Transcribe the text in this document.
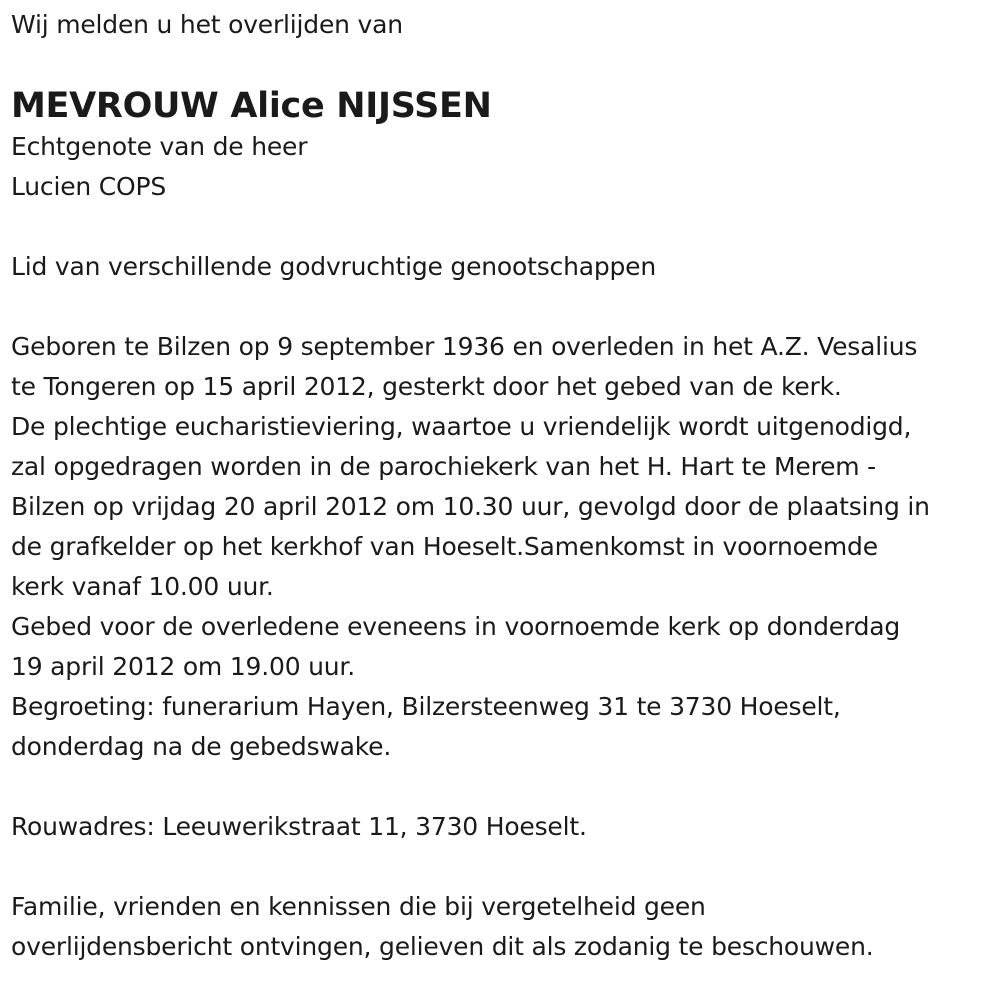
Wij melden u het overlijden van
MEVROUW Alice NIJSSEN
Echtgenote van de heer
Lucien COPS
Lid van verschillende godvruchtige genootschappen
Geboren te Bilzen op 9 september 1936 en overleden in het A.Z. Vesalius
te Tongeren op 15 april 2012, gesterkt door het gebed van de kerk.
De plechtige eucharistieviering, waartoe u vriendelijk wordt uitgenodigd,
zal opgedragen worden in de parochiekerk van het H. Hart te Merem -
Bilzen op vrijdag 20 april 2012 om 10.30 uur, gevolgd door de plaatsing in
de grafkelder op het kerkhof van Hoeselt.Samenkomst in voornoemde
kerk vanaf 10.00 uur.
Gebed voor de overledene eveneens in voornoemde kerk op donderdag
19 april 2012 om 19.00 uur.
Begroeting: funerarium Hayen, Bilzersteenweg 31 te 3730 Hoeselt,
donderdag na de gebedswake.
Rouwadres: Leeuwerikstraat 11, 3730 Hoeselt.
Familie, vrienden en kennissen die bij vergetelheid geen
overlijdensbericht ontvingen, gelieven dit als zodanig te beschouwen.
